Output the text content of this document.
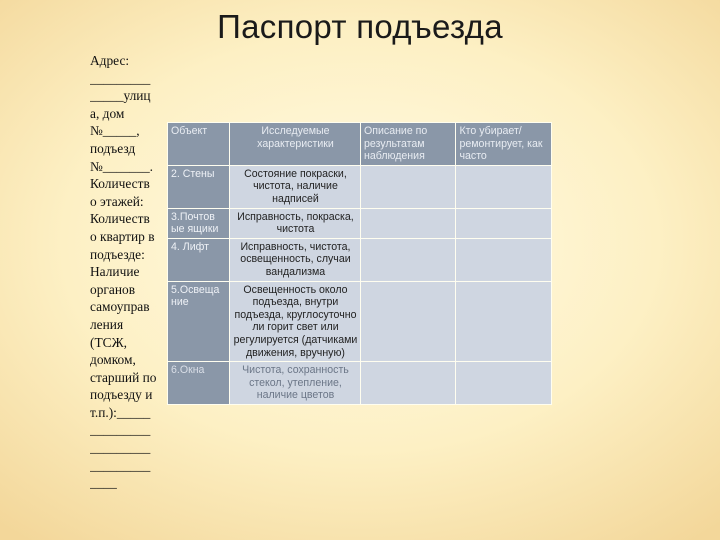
Паспорт подъезда
Адрес:
_________
_____улиц
а, дом
№_____,
подъезд
№_______.
Количеств
о этажей:
Количеств
о квартир в
подъезде:
Наличие
органов
самоуправ
ления
(ТСЖ,
домком,
старший по
подъезду и
т.п.):_____
_________
_________
_________
____
Объект	Исследуемые характеристики	Описание по результатам наблюдения	Кто убирает/ ремонтирует, как часто
2. Стены	Состояние покраски, чистота, наличие надписей		
3.Почтов ые ящики	Исправность, покраска, чистота		
4. Лифт	Исправность, чистота, освещенность, случаи вандализма		
5.Освеща ние	Освещенность около подъезда, внутри подъезда, круглосуточно ли горит свет или регулируется (датчиками движения, вручную)		
6.Окна	Чистота, сохранность стекол, утепление, наличие цветов		
